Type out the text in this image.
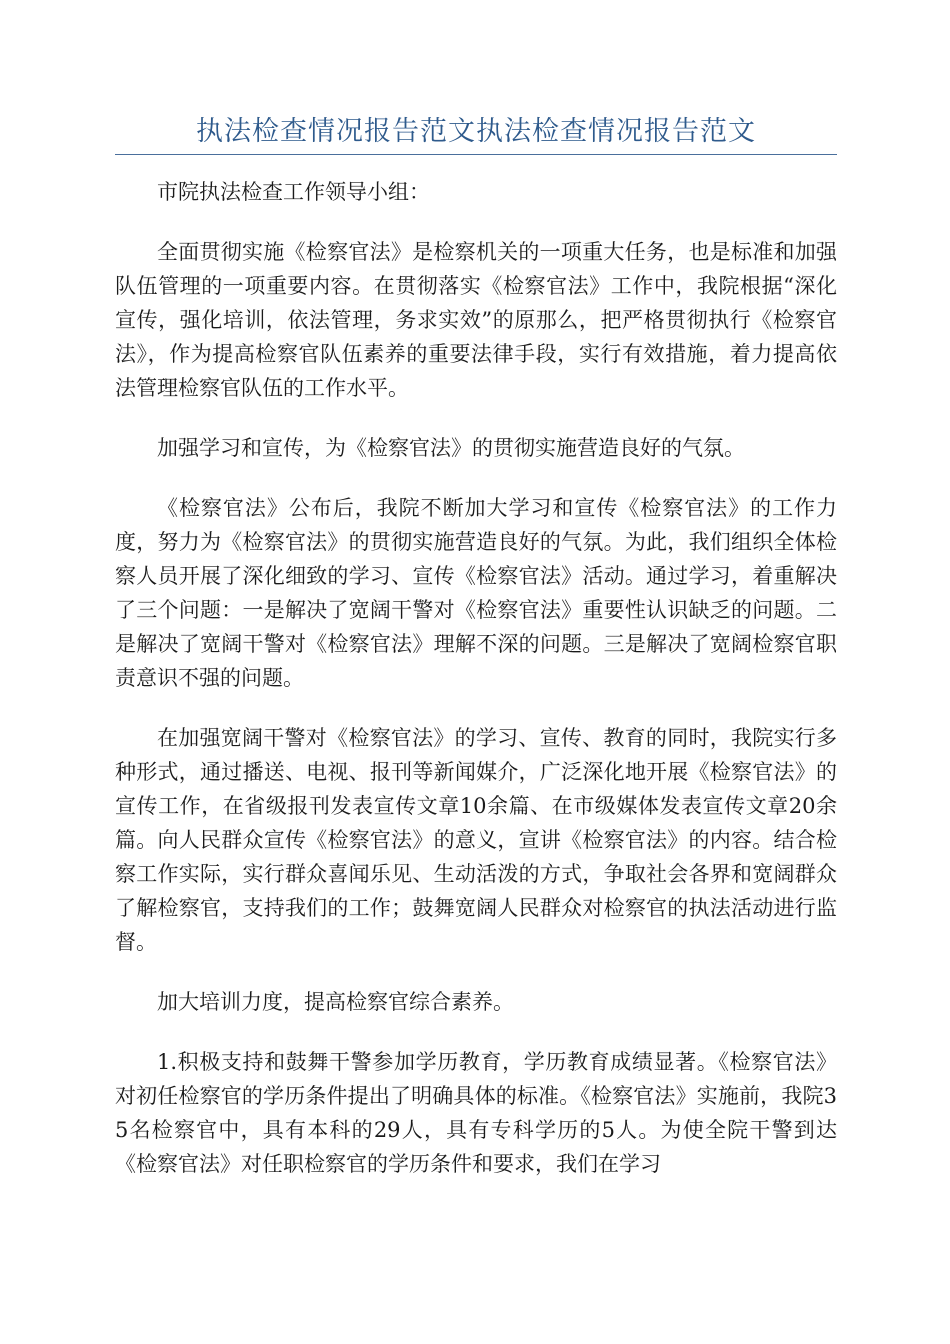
执法检查情况报告范文执法检查情况报告范文

市院执法检查工作领导小组：

全面贯彻实施《检察官法》是检察机关的一项重大任务，也是标准和加强队伍管理的一项重要内容。在贯彻落实《检察官法》工作中，我院根据“深化宣传，强化培训，依法管理，务求实效”的原那么，把严格贯彻执行《检察官法》，作为提高检察官队伍素养的重要法律手段，实行有效措施，着力提高依法管理检察官队伍的工作水平。

加强学习和宣传，为《检察官法》的贯彻实施营造良好的气氛。

《检察官法》公布后，我院不断加大学习和宣传《检察官法》的工作力度，努力为《检察官法》的贯彻实施营造良好的气氛。为此，我们组织全体检察人员开展了深化细致的学习、宣传《检察官法》活动。通过学习，着重解决了三个问题：一是解决了宽阔干警对《检察官法》重要性认识缺乏的问题。二是解决了宽阔干警对《检察官法》理解不深的问题。三是解决了宽阔检察官职责意识不强的问题。

在加强宽阔干警对《检察官法》的学习、宣传、教育的同时，我院实行多种形式，通过播送、电视、报刊等新闻媒介，广泛深化地开展《检察官法》的宣传工作，在省级报刊发表宣传文章10余篇、在市级媒体发表宣传文章20余篇。向人民群众宣传《检察官法》的意义，宣讲《检察官法》的内容。结合检察工作实际，实行群众喜闻乐见、生动活泼的方式，争取社会各界和宽阔群众了解检察官，支持我们的工作；鼓舞宽阔人民群众对检察官的执法活动进行监督。

加大培训力度，提高检察官综合素养。

1.积极支持和鼓舞干警参加学历教育，学历教育成绩显著。《检察官法》对初任检察官的学历条件提出了明确具体的标准。《检察官法》实施前，我院35名检察官中，具有本科的29人，具有专科学历的5人。为使全院干警到达《检察官法》对任职检察官的学历条件和要求，我们在学习
